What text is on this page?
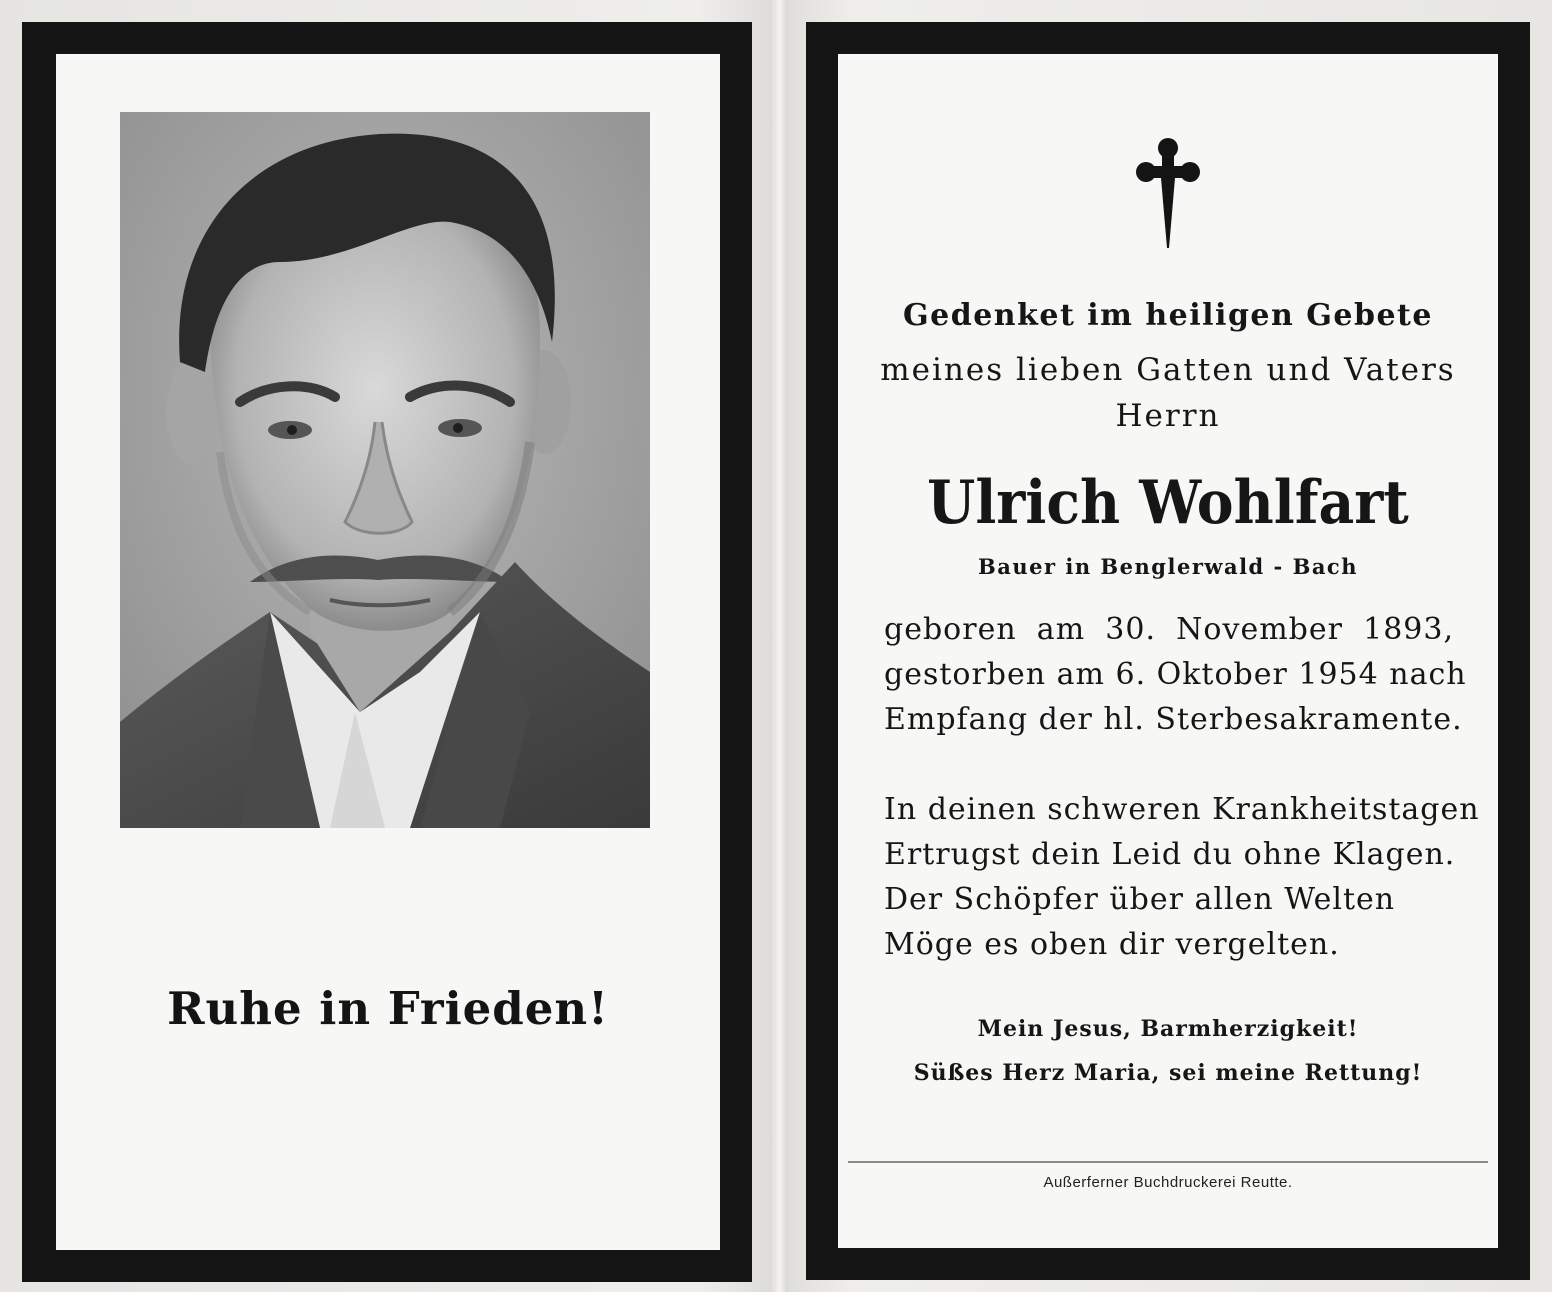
Ruhe in Frieden!
Gedenket im heiligen Gebete
meines lieben Gatten und Vaters
Herrn
Ulrich Wohlfart
Bauer in Benglerwald - Bach
geboren am 30. November 1893,
gestorben am 6. Oktober 1954 nach
Empfang der hl. Sterbesakramente.
In deinen schweren Krankheitstagen
Ertrugst dein Leid du ohne Klagen.
Der Schöpfer über allen Welten
Möge es oben dir vergelten.
Mein Jesus, Barmherzigkeit!
Süßes Herz Maria, sei meine Rettung!
Außerferner Buchdruckerei Reutte.
